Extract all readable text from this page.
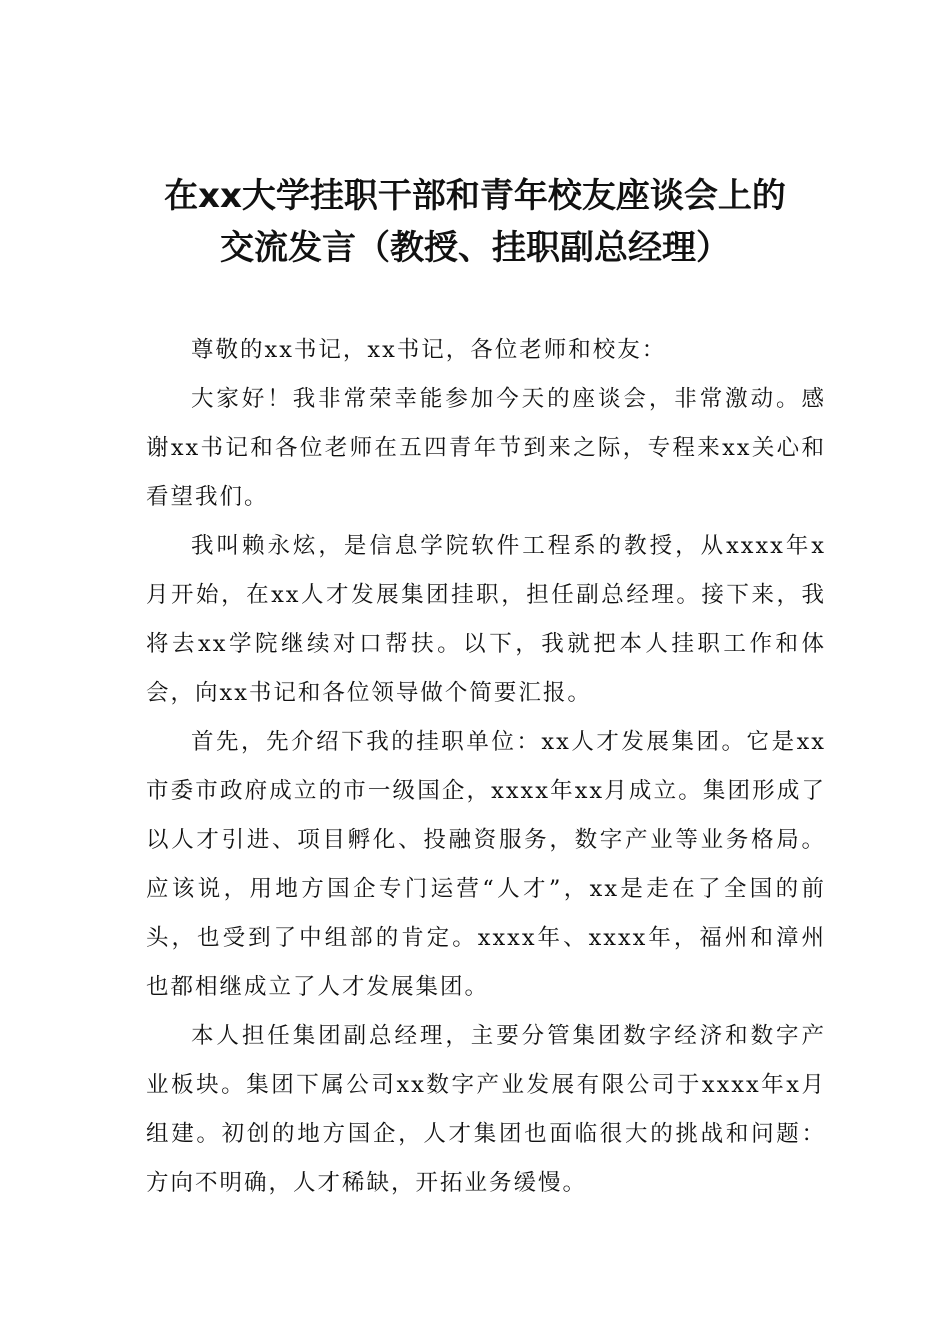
在xx大学挂职干部和青年校友座谈会上的
交流发言（教授、挂职副总经理）

尊敬的xx书记，xx书记，各位老师和校友：

大家好！我非常荣幸能参加今天的座谈会，非常激动。感谢xx书记和各位老师在五四青年节到来之际，专程来xx关心和看望我们。

我叫赖永炫，是信息学院软件工程系的教授，从xxxx年x月开始，在xx人才发展集团挂职，担任副总经理。接下来，我将去xx学院继续对口帮扶。以下，我就把本人挂职工作和体会，向xx书记和各位领导做个简要汇报。

首先，先介绍下我的挂职单位：xx人才发展集团。它是xx市委市政府成立的市一级国企，xxxx年xx月成立。集团形成了以人才引进、项目孵化、投融资服务，数字产业等业务格局。应该说，用地方国企专门运营“人才”，xx是走在了全国的前头，也受到了中组部的肯定。xxxx年、xxxx年，福州和漳州也都相继成立了人才发展集团。

本人担任集团副总经理，主要分管集团数字经济和数字产业板块。集团下属公司xx数字产业发展有限公司于xxxx年x月组建。初创的地方国企，人才集团也面临很大的挑战和问题：方向不明确，人才稀缺，开拓业务缓慢。
